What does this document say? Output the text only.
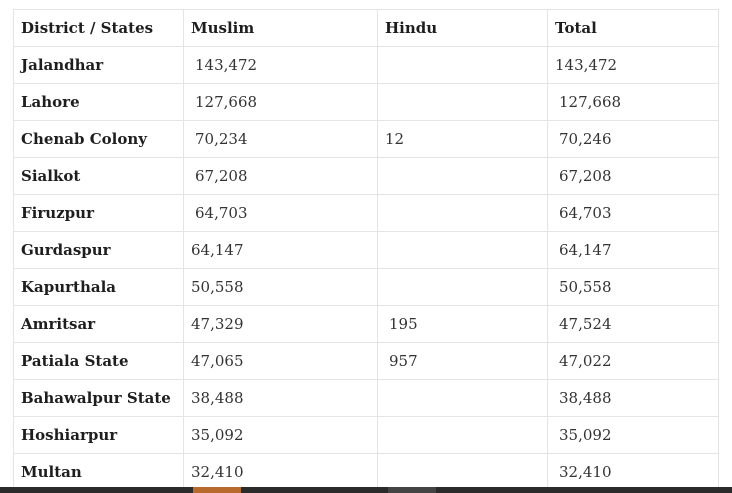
District / States	Muslim	Hindu	Total
Jalandhar	143,472		143,472
Lahore	127,668		127,668
Chenab Colony	70,234	12	70,246
Sialkot	67,208		67,208
Firuzpur	64,703		64,703
Gurdaspur	64,147		64,147
Kapurthala	50,558		50,558
Amritsar	47,329	195	47,524
Patiala State	47,065	957	47,022
Bahawalpur State	38,488		38,488
Hoshiarpur	35,092		35,092
Multan	32,410		32,410
